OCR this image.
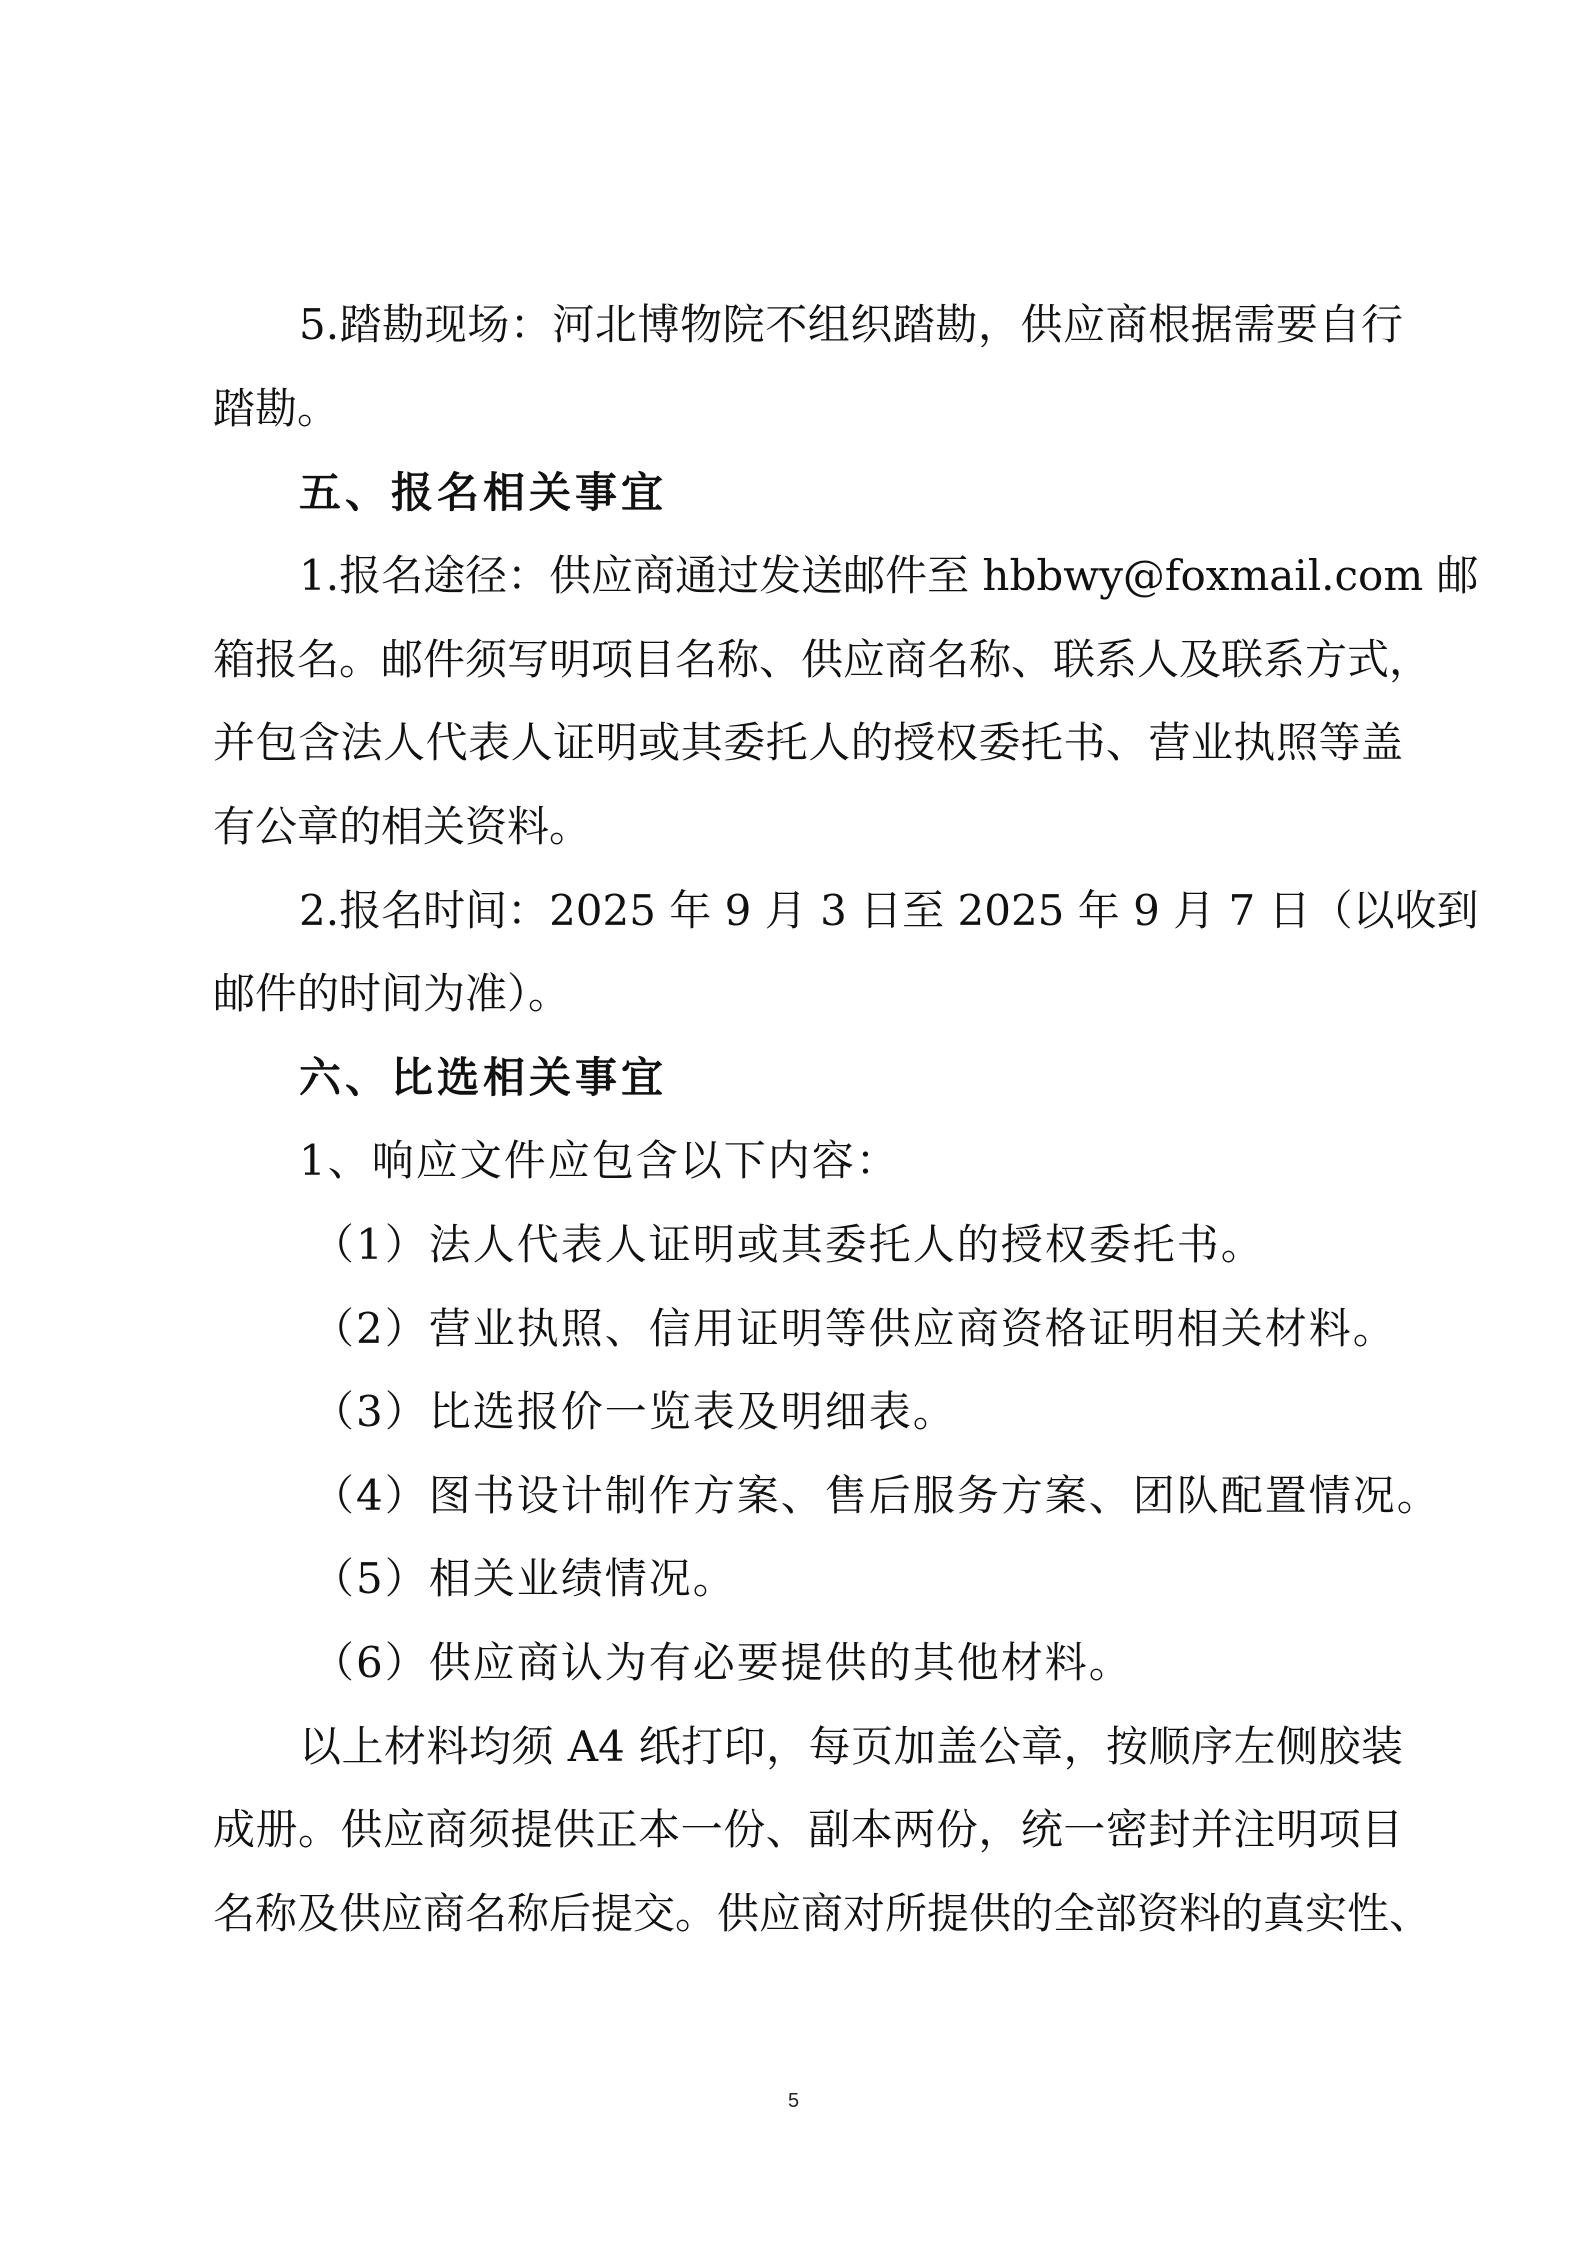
5.踏勘现场：河北博物院不组织踏勘，供应商根据需要自行
踏勘。
五、报名相关事宜
1.报名途径：供应商通过发送邮件至 hbbwy@foxmail.com 邮
箱报名。邮件须写明项目名称、供应商名称、联系人及联系方式，
并包含法人代表人证明或其委托人的授权委托书、营业执照等盖
有公章的相关资料。
2.报名时间：2025 年 9 月 3 日至 2025 年 9 月 7 日（以收到
邮件的时间为准）。
六、比选相关事宜
1、响应文件应包含以下内容：
（1）法人代表人证明或其委托人的授权委托书。
（2）营业执照、信用证明等供应商资格证明相关材料。
（3）比选报价一览表及明细表。
（4）图书设计制作方案、售后服务方案、团队配置情况。
（5）相关业绩情况。
（6）供应商认为有必要提供的其他材料。
以上材料均须 A4 纸打印，每页加盖公章，按顺序左侧胶装
成册。供应商须提供正本一份、副本两份，统一密封并注明项目
名称及供应商名称后提交。供应商对所提供的全部资料的真实性、
5
